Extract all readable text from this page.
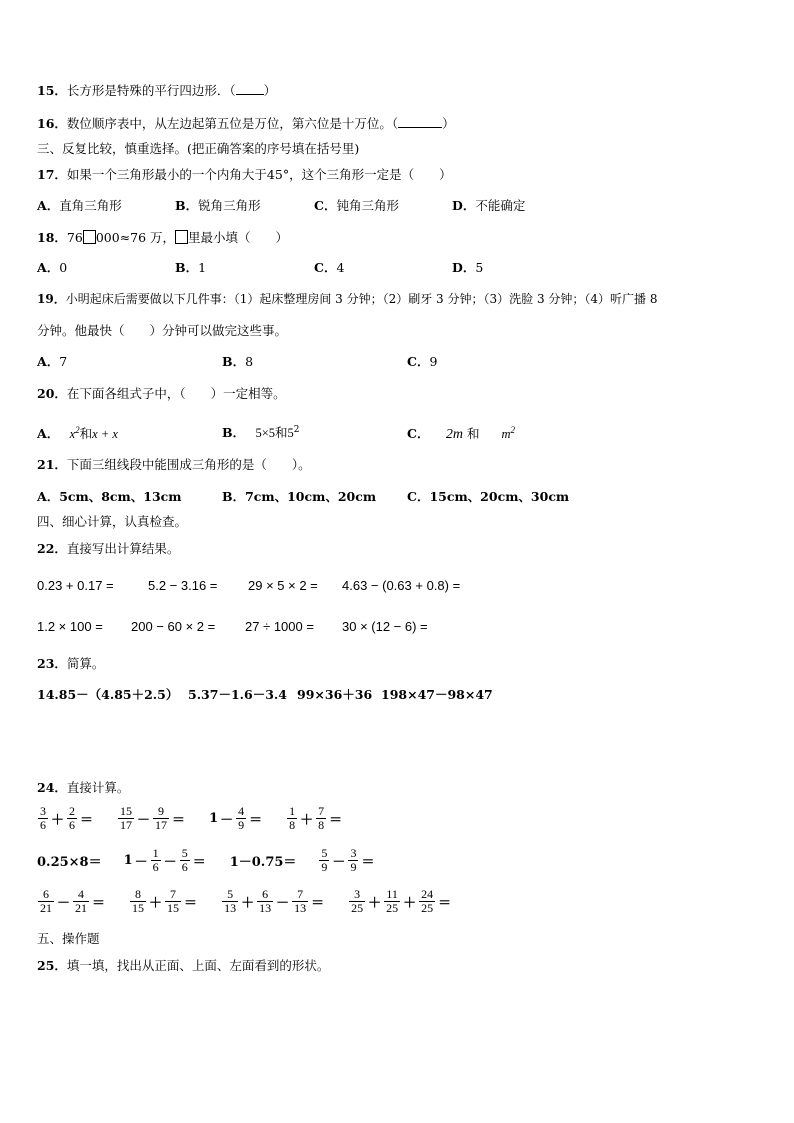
15．长方形是特殊的平行四边形．（ ）
16．数位顺序表中，从左边起第五位是万位，第六位是十万位。（	）
三、反复比较，慎重选择。(把正确答案的序号填在括号里)
17．如果一个三角形最小的一个内角大于45°，这个三角形一定是（　　）
A．直角三角形	B．锐角三角形	C．钝角三角形	D．不能确定
18．76 000≈76 万， 里最小填（　　）
A．0	B．1	C．4	D．5
19．小明起床后需要做以下几件事：（1）起床整理房间 3 分钟；（2）刷牙 3 分钟；（3）洗脸 3 分钟；（4）听广播 8
分钟。他最快（　　）分钟可以做完这些事。
A．7	B．8	C．9
20．在下面各组式子中，（　　）一定相等。
A． $x^2$和x + x	B． 5×5和$5^2$	C． 2m 和 $m^2$
21．下面三组线段中能围成三角形的是（　　）。
A．5cm、8cm、13cm	B．7cm、10cm、20cm C．15cm、20cm、30cm
四、细心计算，认真检查。
22．直接写出计算结果。
0.23 + 0.17 =	5.2 − 3.16 = 29 × 5 × 2 = 4.63 − (0.63 + 0.8) =
1.2 × 100 = 200 − 60 × 2 = 27 ÷ 1000 = 30 × (12 − 6) =
23．简算。
14.85－（4.85＋2.5） 5.37－1.6－3.4 99×36＋36 198×47－98×47
24．直接计算。
$\frac{3}{6} + \frac{2}{6} = \frac{15}{17} - \frac{9}{17} = 1 - \frac{4}{9} = \frac{1}{8} + \frac{7}{8}$ ＝
$0.25\times 8= 1 - \frac{1}{6} - \frac{5}{6} = 1-0.75= \frac{5}{9} - \frac{3}{9}$ ＝
$\frac{6}{21} - \frac{4}{21} = \frac{8}{15} + \frac{7}{15} = \frac{5}{13} + \frac{6}{13} - \frac{7}{13} = \frac{3}{25} + \frac{11}{25} + \frac{24}{25}$ ＝
五、操作题
25．填一填，找出从正面、上面、左面看到的形状。
